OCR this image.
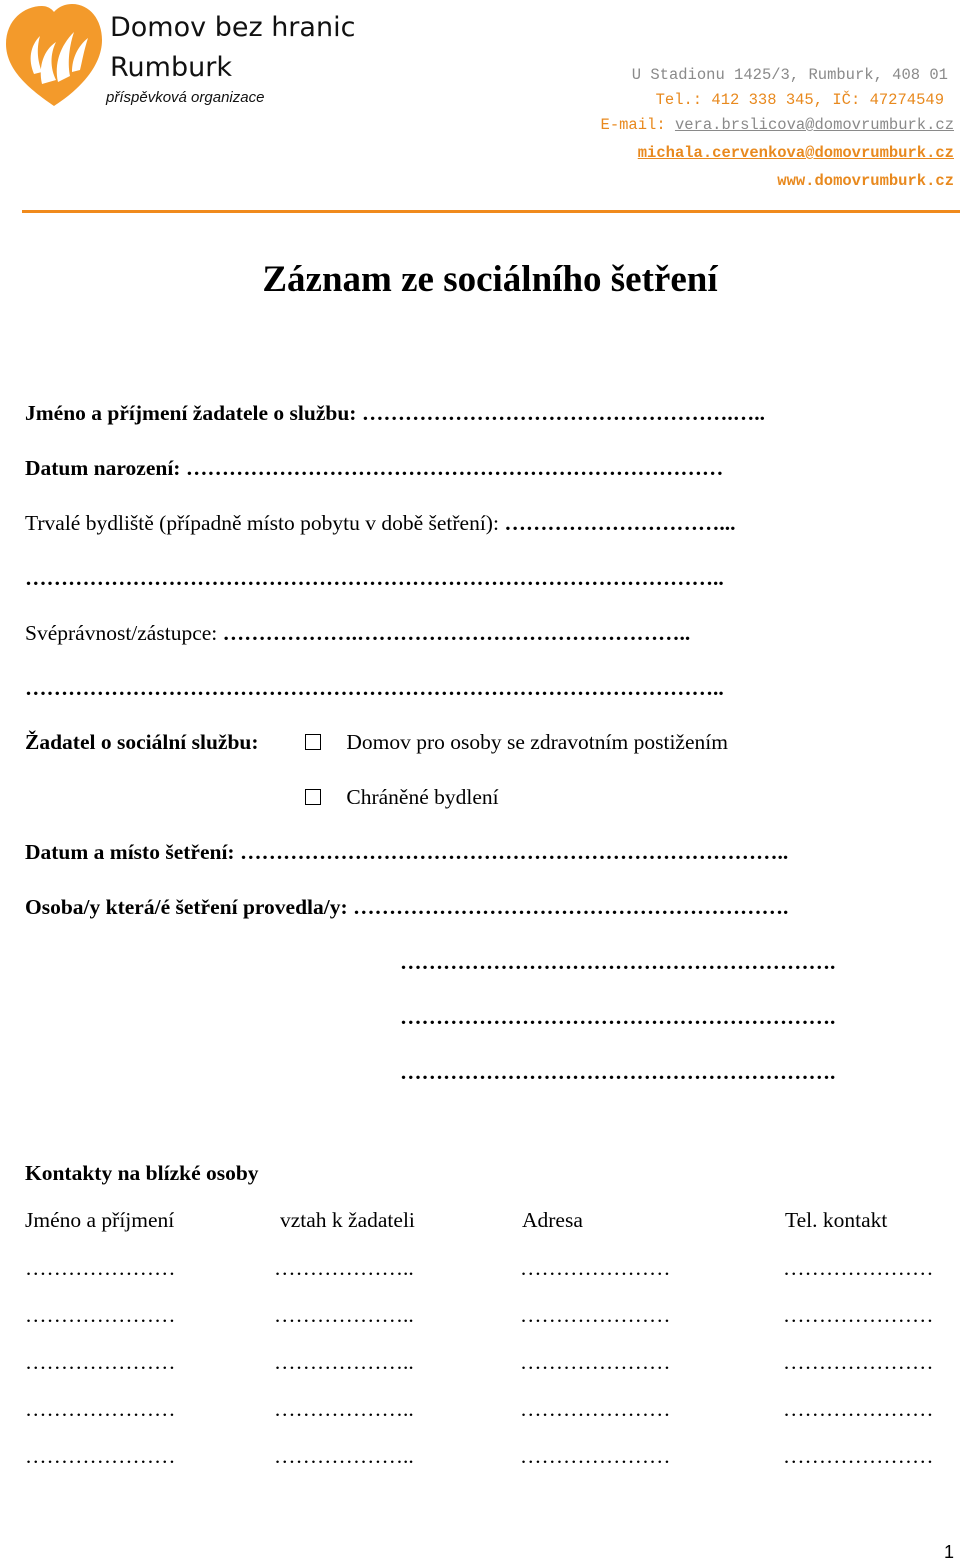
Domov bez hranic
Rumburk
příspěvková organizace
U Stadionu 1425/3, Rumburk, 408 01
Tel.: 412 338 345, IČ: 47274549
E-mail: vera.brslicova@domovrumburk.cz
michala.cervenkova@domovrumburk.cz
www.domovrumburk.cz
Záznam ze sociálního šetření
Jméno a příjmení žadatele o službu: …………………………………………….…..
Datum narození: …………………………………………………………………
Trvalé bydliště (případně místo pobytu v době šetření): …………………………...
……………………………………………………………………………………..
Svéprávnost/zástupce: ……………….………………………………………..
……………………………………………………………………………………..
Žadatel o sociální službu:	Domov pro osoby se zdravotním postižením
Chráněné bydlení
Datum a místo šetření: …………………………………………………………………..
Osoba/y která/é šetření provedla/y: …………………………………………………….
…………………………………………………….
…………………………………………………….
…………………………………………………….
Kontakty na blízké osoby
Jméno a příjmení	vztah k žadateli	Adresa	Tel. kontakt
…………………	………………..	…………………	…………………
…………………	………………..	…………………	…………………
…………………	………………..	…………………	…………………
…………………	………………..	…………………	…………………
…………………	………………..	…………………	…………………
1
